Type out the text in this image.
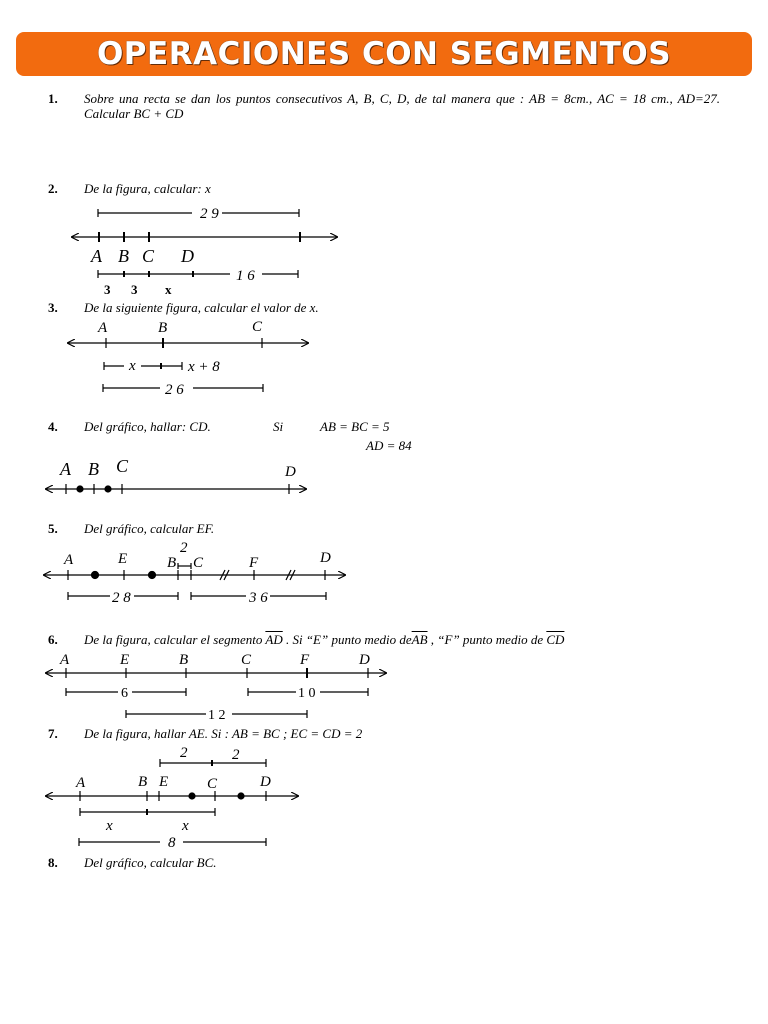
OPERACIONES CON SEGMENTOS
1. Sobre una recta se dan los puntos consecutivos A, B, C, D, de tal manera que : AB = 8cm., AC = 18 cm., AD=27. Calcular BC + CD
2. De la figura, calcular: x
3. De la siguiente figura, calcular el valor de x.
4. Del gráfico, hallar: CD.	Si	AB = BC = 5
AD = 84
5. Del gráfico, calcular EF.
6. De la figura, calcular el segmento $\overline{AD}$ . Si “E” punto medio $de\overline{AB}$ , “F” punto medio de $\overline{CD}$
7. De la figura, hallar AE. Si : AB = BC ; EC = CD = 2
8. Del gráfico, calcular BC.
2 9
A B C D
1 6
3 3 x
A	B	C
x	x + 8
2 6
A B C	D
A	E	B C	F	D
2
2 8	3 6
A	E	B	C	F	D
6	1 0
1 2
2	2
A	B E	C	D
x	x
8
